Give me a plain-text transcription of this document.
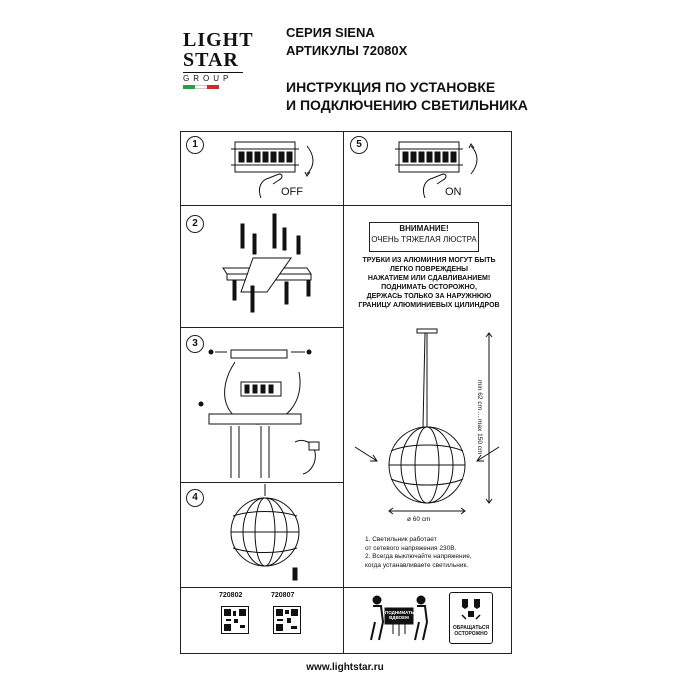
LIGHT
STAR
GROUP
СЕРИЯ SIENA
АРТИКУЛЫ 72080X
ИНСТРУКЦИЯ ПО УСТАНОВКЕ
И ПОДКЛЮЧЕНИЮ СВЕТИЛЬНИКА
1	5
2
3
4
OFF	ON
ВНИМАНИЕ!
ОЧЕНЬ ТЯЖЕЛАЯ ЛЮСТРА
ТРУБКИ ИЗ АЛЮМИНИЯ МОГУТ БЫТЬ
ЛЕГКО ПОВРЕЖДЕНЫ
НАЖАТИЕМ ИЛИ СДАВЛИВАНИЕМ!
ПОДНИМАТЬ ОСТОРОЖНО,
ДЕРЖАСЬ ТОЛЬКО ЗА НАРУЖНЮЮ
ГРАНИЦУ АЛЮМИНИЕВЫХ ЦИЛИНДРОВ
min 62 cm ... max 150 cm
ø 60 cm
1. Светильник работает
от сетевого напряжения 230В.
2. Всегда выключайте напряжение,
когда устанавливаете светильник.
720802	720807
ПОДНИМАТЬ
ВДВОЕМ
ОБРАЩАТЬСЯ
ОСТОРОЖНО
www.lightstar.ru
